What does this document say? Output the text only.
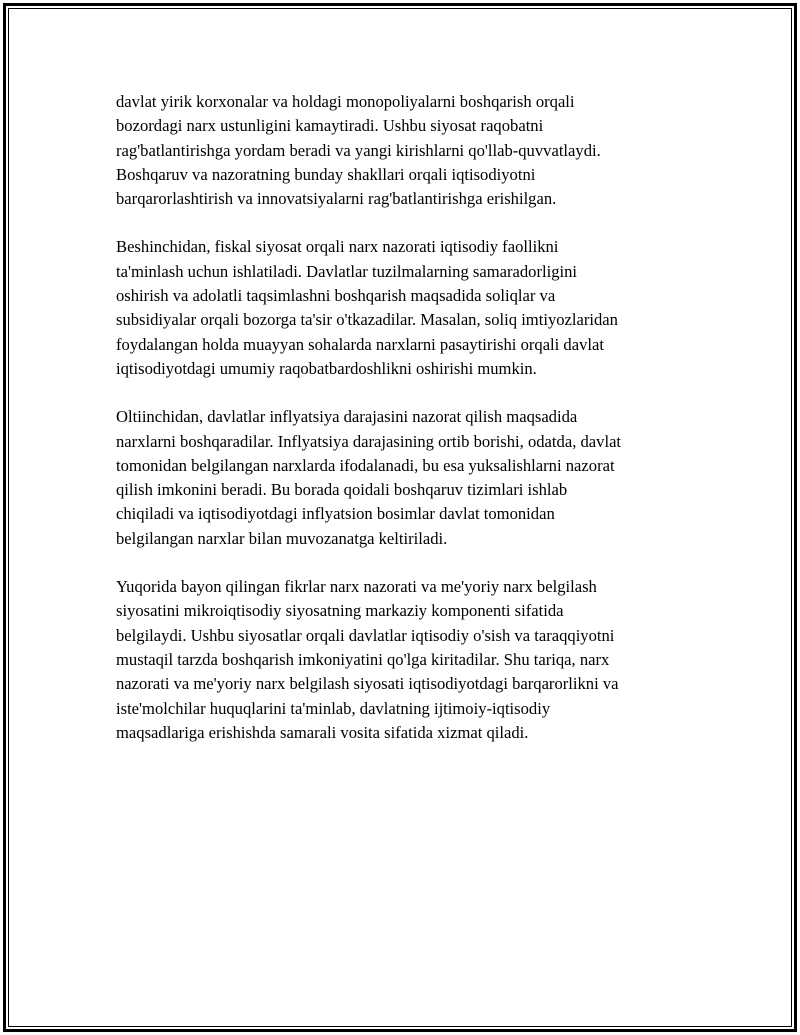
davlat yirik korxonalar va holdagi monopoliyalarni boshqarish orqali
bozordagi narx ustunligini kamaytiradi. Ushbu siyosat raqobatni
rag'batlantirishga yordam beradi va yangi kirishlarni qo'llab-quvvatlaydi.
Boshqaruv va nazoratning bunday shakllari orqali iqtisodiyotni
barqarorlashtirish va innovatsiyalarni rag'batlantirishga erishilgan.

Beshinchidan, fiskal siyosat orqali narx nazorati iqtisodiy faollikni
ta'minlash uchun ishlatiladi. Davlatlar tuzilmalarning samaradorligini
oshirish va adolatli taqsimlashni boshqarish maqsadida soliqlar va
subsidiyalar orqali bozorga ta'sir o'tkazadilar. Masalan, soliq imtiyozlaridan
foydalangan holda muayyan sohalarda narxlarni pasaytirishi orqali davlat
iqtisodiyotdagi umumiy raqobatbardoshlikni oshirishi mumkin.

Oltiinchidan, davlatlar inflyatsiya darajasini nazorat qilish maqsadida
narxlarni boshqaradilar. Inflyatsiya darajasining ortib borishi, odatda, davlat
tomonidan belgilangan narxlarda ifodalanadi, bu esa yuksalishlarni nazorat
qilish imkonini beradi. Bu borada qoidali boshqaruv tizimlari ishlab
chiqiladi va iqtisodiyotdagi inflyatsion bosimlar davlat tomonidan
belgilangan narxlar bilan muvozanatga keltiriladi.

Yuqorida bayon qilingan fikrlar narx nazorati va me'yoriy narx belgilash
siyosatini mikroiqtisodiy siyosatning markaziy komponenti sifatida
belgilaydi. Ushbu siyosatlar orqali davlatlar iqtisodiy o'sish va taraqqiyotni
mustaqil tarzda boshqarish imkoniyatini qo'lga kiritadilar. Shu tariqa, narx
nazorati va me'yoriy narx belgilash siyosati iqtisodiyotdagi barqarorlikni va
iste'molchilar huquqlarini ta'minlab, davlatning ijtimoiy-iqtisodiy
maqsadlariga erishishda samarali vosita sifatida xizmat qiladi.
